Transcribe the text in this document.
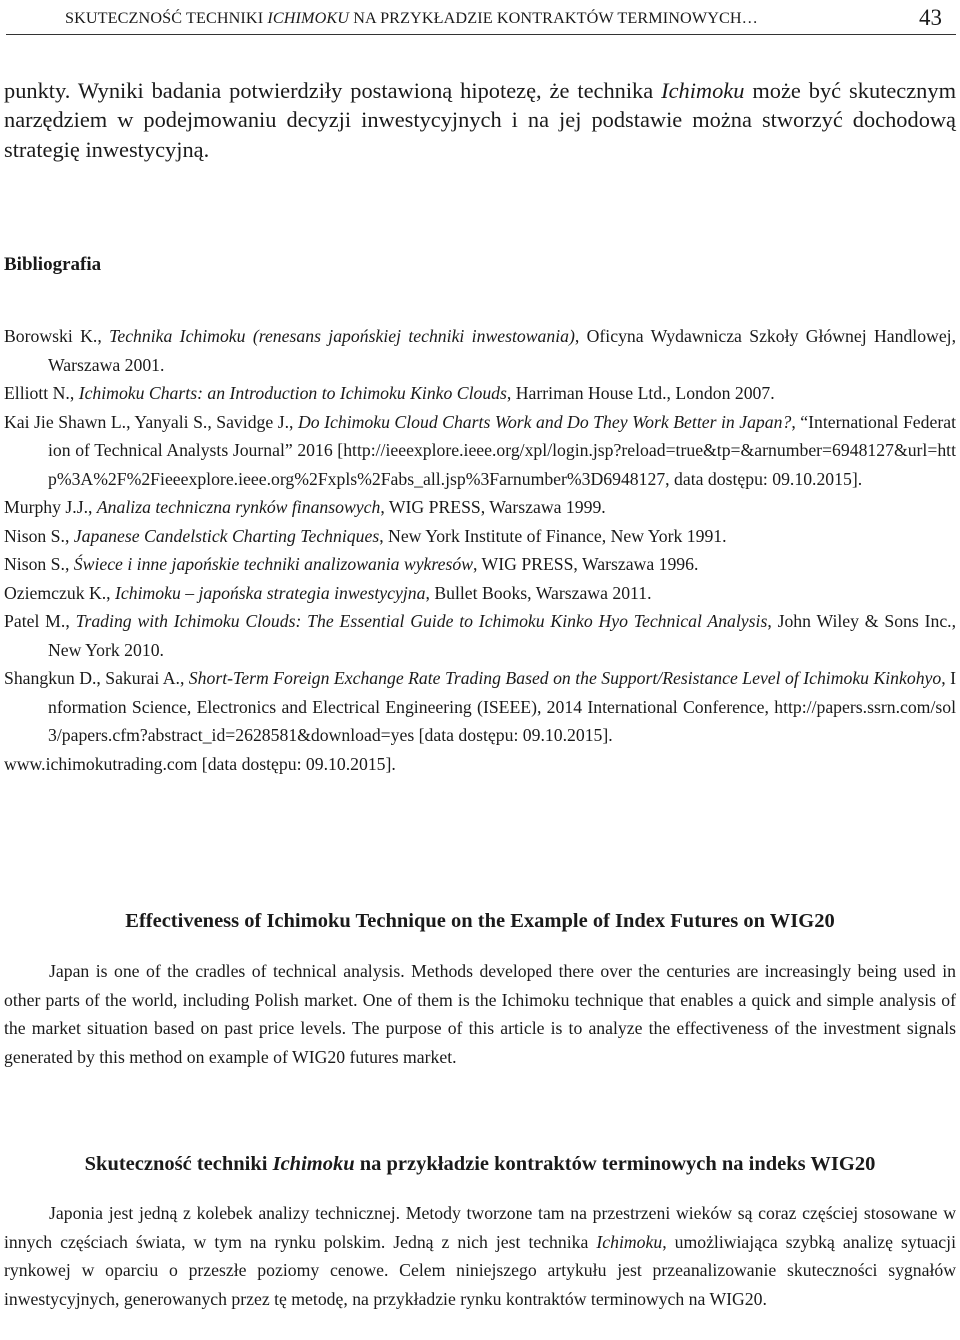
SKUTECZNOŚĆ TECHNIKI ICHIMOKU NA PRZYKŁADZIE KONTRAKTÓW TERMINOWYCH…	43

punkty. Wyniki badania potwierdziły postawioną hipotezę, że technika Ichimoku może być skutecznym narzędziem w podejmowaniu decyzji inwestycyjnych i na jej podstawie można stworzyć dochodową strategię inwestycyjną.

Bibliografia

Borowski K., Technika Ichimoku (renesans japońskiej techniki inwestowania), Oficyna Wydawnicza Szkoły Głównej Handlowej, Warszawa 2001.

Elliott N., Ichimoku Charts: an Introduction to Ichimoku Kinko Clouds, Harriman House Ltd., London 2007.

Kai Jie Shawn L., Yanyali S., Savidge J., Do Ichimoku Cloud Charts Work and Do They Work Better in Japan?, “International Federation of Technical Analysts Journal” 2016 [http://ieeexplore.ieee.org/xpl/login.jsp?reload=true&tp=&arnumber=6948127&url=http%3A%2F%2Fieeexplore.ieee.org%2Fxpls%2Fabs_all.jsp%3Farnumber%3D6948127, data dostępu: 09.10.2015].

Murphy J.J., Analiza techniczna rynków finansowych, WIG PRESS, Warszawa 1999.

Nison S., Japanese Candelstick Charting Techniques, New York Institute of Finance, New York 1991.

Nison S., Świece i inne japońskie techniki analizowania wykresów, WIG PRESS, Warszawa 1996.

Oziemczuk K., Ichimoku – japońska strategia inwestycyjna, Bullet Books, Warszawa 2011.

Patel M., Trading with Ichimoku Clouds: The Essential Guide to Ichimoku Kinko Hyo Technical Analysis, John Wiley & Sons Inc., New York 2010.

Shangkun D., Sakurai A., Short-Term Foreign Exchange Rate Trading Based on the Support/Resistance Level of Ichimoku Kinkohyo, Information Science, Electronics and Electrical Engineering (ISEEE), 2014 International Conference, http://papers.ssrn.com/sol3/papers.cfm?abstract_id=2628581&download=yes [data dostępu: 09.10.2015].

www.ichimokutrading.com [data dostępu: 09.10.2015].

Effectiveness of Ichimoku Technique on the Example of Index Futures on WIG20

Japan is one of the cradles of technical analysis. Methods developed there over the centuries are increasingly being used in other parts of the world, including Polish market. One of them is the Ichimoku technique that enables a quick and simple analysis of the market situation based on past price levels. The purpose of this article is to analyze the effectiveness of the investment signals generated by this method on example of WIG20 futures market.

Skuteczność techniki Ichimoku na przykładzie kontraktów terminowych na indeks WIG20

Japonia jest jedną z kolebek analizy technicznej. Metody tworzone tam na przestrzeni wieków są coraz częściej stosowane w innych częściach świata, w tym na rynku polskim. Jedną z nich jest technika Ichimoku, umożliwiająca szybką analizę sytuacji rynkowej w oparciu o przeszłe poziomy cenowe. Celem niniejszego artykułu jest przeanalizowanie skuteczności sygnałów inwestycyjnych, generowanych przez tę metodę, na przykładzie rynku kontraktów terminowych na WIG20.
